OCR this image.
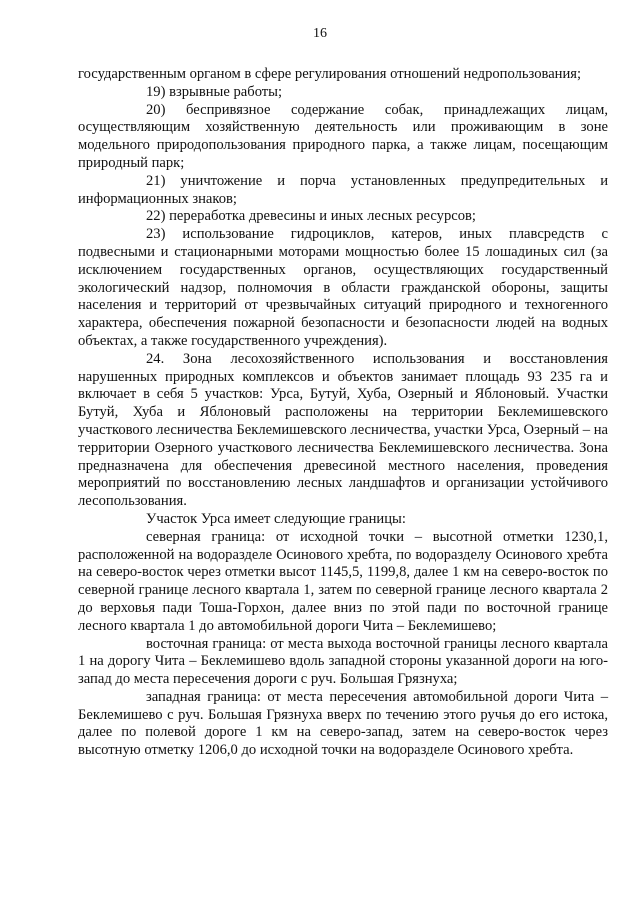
16

государственным органом в сфере регулирования отношений недропользования;

19) взрывные работы;

20) беспривязное содержание собак, принадлежащих лицам, осуществляющим хозяйственную деятельность или проживающим в зоне модельного природопользования природного парка, а также лицам, посещающим природный парк;

21) уничтожение и порча установленных предупредительных и информационных знаков;

22) переработка древесины и иных лесных ресурсов;

23) использование гидроциклов, катеров, иных плавсредств с подвесными и стационарными моторами мощностью более 15 лошадиных сил (за исключением государственных органов, осуществляющих государственный экологический надзор, полномочия в области гражданской обороны, защиты населения и территорий от чрезвычайных ситуаций природного и техногенного характера, обеспечения пожарной безопасности и безопасности людей на водных объектах, а также государственного учреждения).

24. Зона лесохозяйственного использования и восстановления нарушенных природных комплексов и объектов занимает площадь 93 235 га и включает в себя 5 участков: Урса, Бутуй, Хуба, Озерный и Яблоновый. Участки Бутуй, Хуба и Яблоновый расположены на территории Беклемишевского участкового лесничества Беклемишевского лесничества, участки Урса, Озерный – на территории Озерного участкового лесничества Беклемишевского лесничества. Зона предназначена для обеспечения древесиной местного населения, проведения мероприятий по восстановлению лесных ландшафтов и организации устойчивого лесопользования.

Участок Урса имеет следующие границы:

северная граница: от исходной точки – высотной отметки 1230,1, расположенной на водоразделе Осинового хребта, по водоразделу Осинового хребта на северо-восток через отметки высот 1145,5, 1199,8, далее 1 км на северо-восток по северной границе лесного квартала 1, затем по северной границе лесного квартала 2 до верховья пади Тоша-Горхон, далее вниз по этой пади по восточной границе лесного квартала 1 до автомобильной дороги Чита – Беклемишево;

восточная граница: от места выхода восточной границы лесного квартала 1 на дорогу Чита – Беклемишево вдоль западной стороны указанной дороги на юго-запад до места пересечения дороги с руч. Большая Грязнуха;

западная граница: от места пересечения автомобильной дороги Чита – Беклемишево с руч. Большая Грязнуха вверх по течению этого ручья до его истока, далее по полевой дороге 1 км на северо-запад, затем на северо-восток через высотную отметку 1206,0 до исходной точки на водоразделе Осинового хребта.
